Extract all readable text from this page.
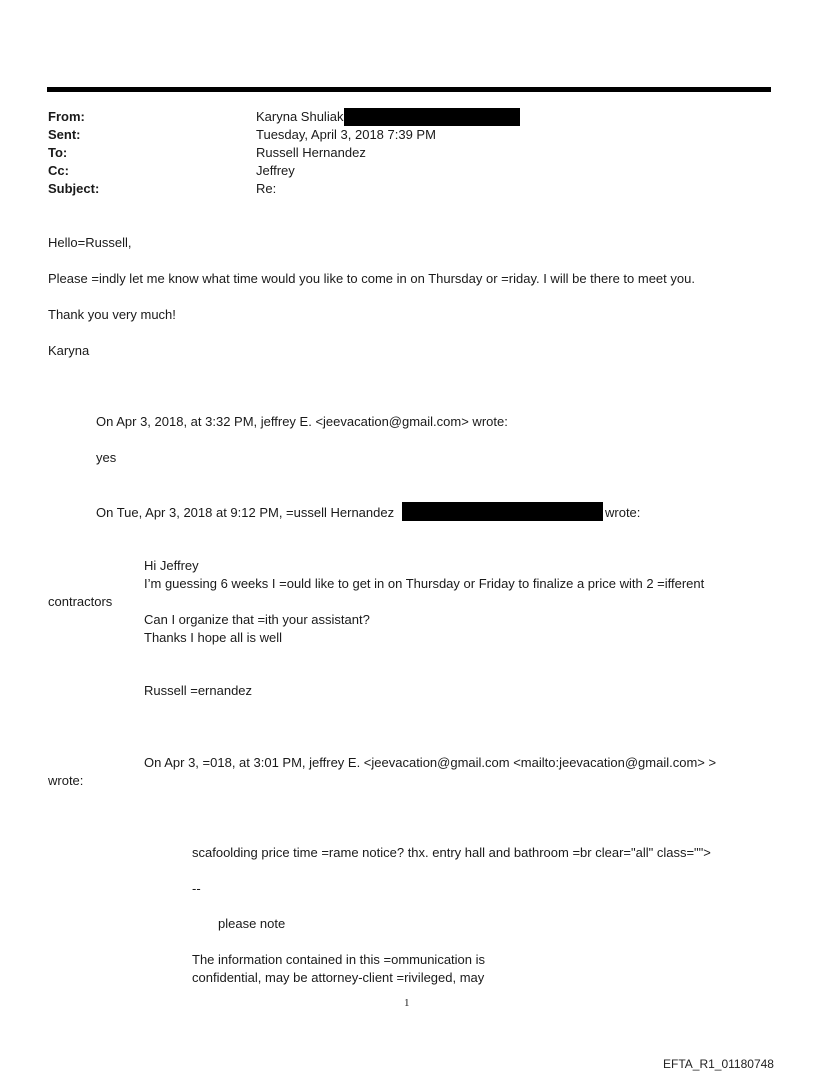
From:
Sent:
To:
Cc:
Subject:
Karyna Shuliak
Tuesday, April 3, 2018 7:39 PM
Russell Hernandez
Jeffrey
Re:
Hello=Russell,
Please =indly let me know what time would you like to come in on Thursday or =riday. I will be there to meet you.
Thank you very much!
Karyna
On Apr 3, 2018, at 3:32 PM, jeffrey E. <jeevacation@gmail.com> wrote:
yes
On Tue, Apr 3, 2018 at 9:12 PM, =ussell Hernandez	wrote:
Hi Jeffrey
I’m guessing 6 weeks I =ould like to get in on Thursday or Friday to finalize a price with 2 =ifferent
contractors
Can I organize that =ith your assistant?
Thanks I hope all is well
Russell =ernandez
On Apr 3, =018, at 3:01 PM, jeffrey E. <jeevacation@gmail.com <mailto:jeevacation@gmail.com> >
wrote:
scafoolding price time =rame notice? thx. entry hall and bathroom =br clear="all" class="">
--
please note
The information contained in this =ommunication is
confidential, may be attorney-client =rivileged, may
1
EFTA_R1_01180748
